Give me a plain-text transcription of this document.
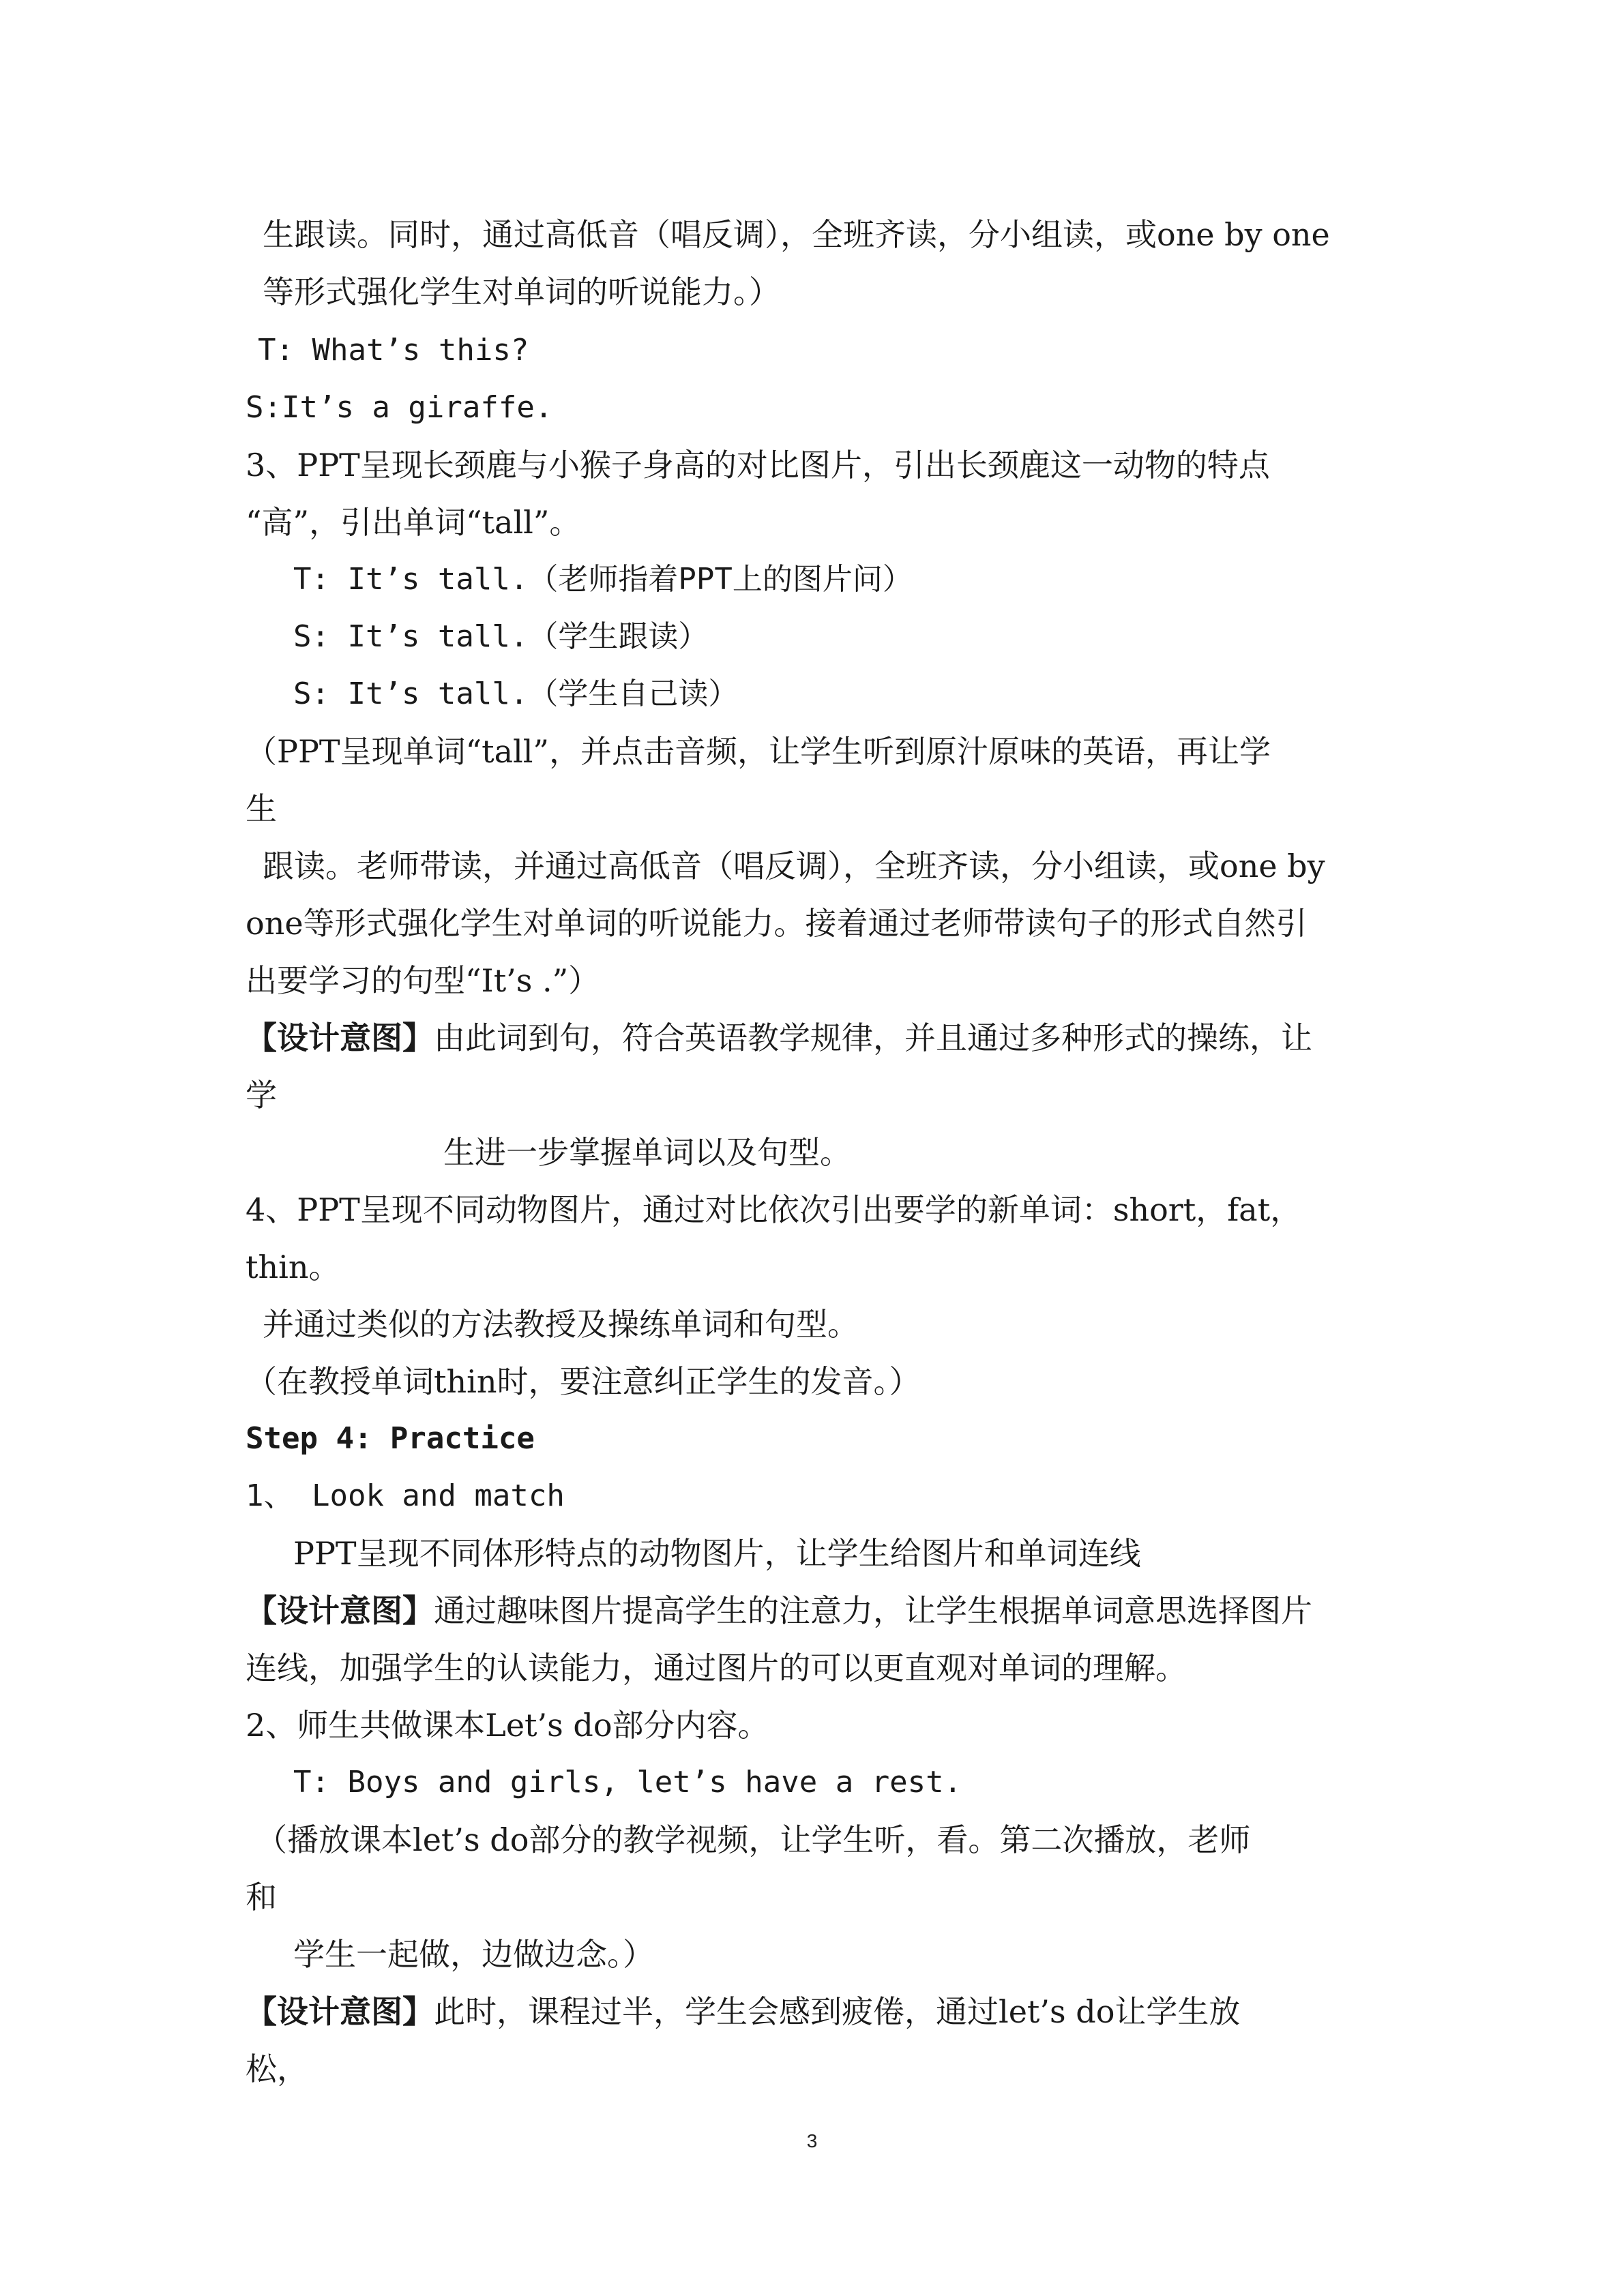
生跟读。同时，通过高低音（唱反调），全班齐读，分小组读，或one by one
等形式强化学生对单词的听说能力。）
T: What’s this?
S:It’s a giraffe.
3、PPT呈现长颈鹿与小猴子身高的对比图片，引出长颈鹿这一动物的特点
“高”，引出单词“tall”。
T: It’s tall.（老师指着PPT上的图片问）
S: It’s tall.（学生跟读）
S: It’s tall.（学生自己读）
（PPT呈现单词“tall”，并点击音频，让学生听到原汁原味的英语，再让学
生
跟读。老师带读，并通过高低音（唱反调），全班齐读，分小组读，或one by
one等形式强化学生对单词的听说能力。接着通过老师带读句子的形式自然引
出要学习的句型“It’s .”）
【设计意图】由此词到句，符合英语教学规律，并且通过多种形式的操练，让
学
生进一步掌握单词以及句型。
4、PPT呈现不同动物图片，通过对比依次引出要学的新单词：short，fat，
thin。
并通过类似的方法教授及操练单词和句型。
（在教授单词thin时，要注意纠正学生的发音。）
Step 4: Practice
1、 Look and match
PPT呈现不同体形特点的动物图片，让学生给图片和单词连线
【设计意图】通过趣味图片提高学生的注意力，让学生根据单词意思选择图片
连线，加强学生的认读能力，通过图片的可以更直观对单词的理解。
2、师生共做课本Let’s do部分内容。
T: Boys and girls, let’s have a rest.
（播放课本let’s do部分的教学视频，让学生听，看。第二次播放，老师
和
学生一起做，边做边念。）
【设计意图】此时，课程过半，学生会感到疲倦，通过let’s do让学生放
松，
3
